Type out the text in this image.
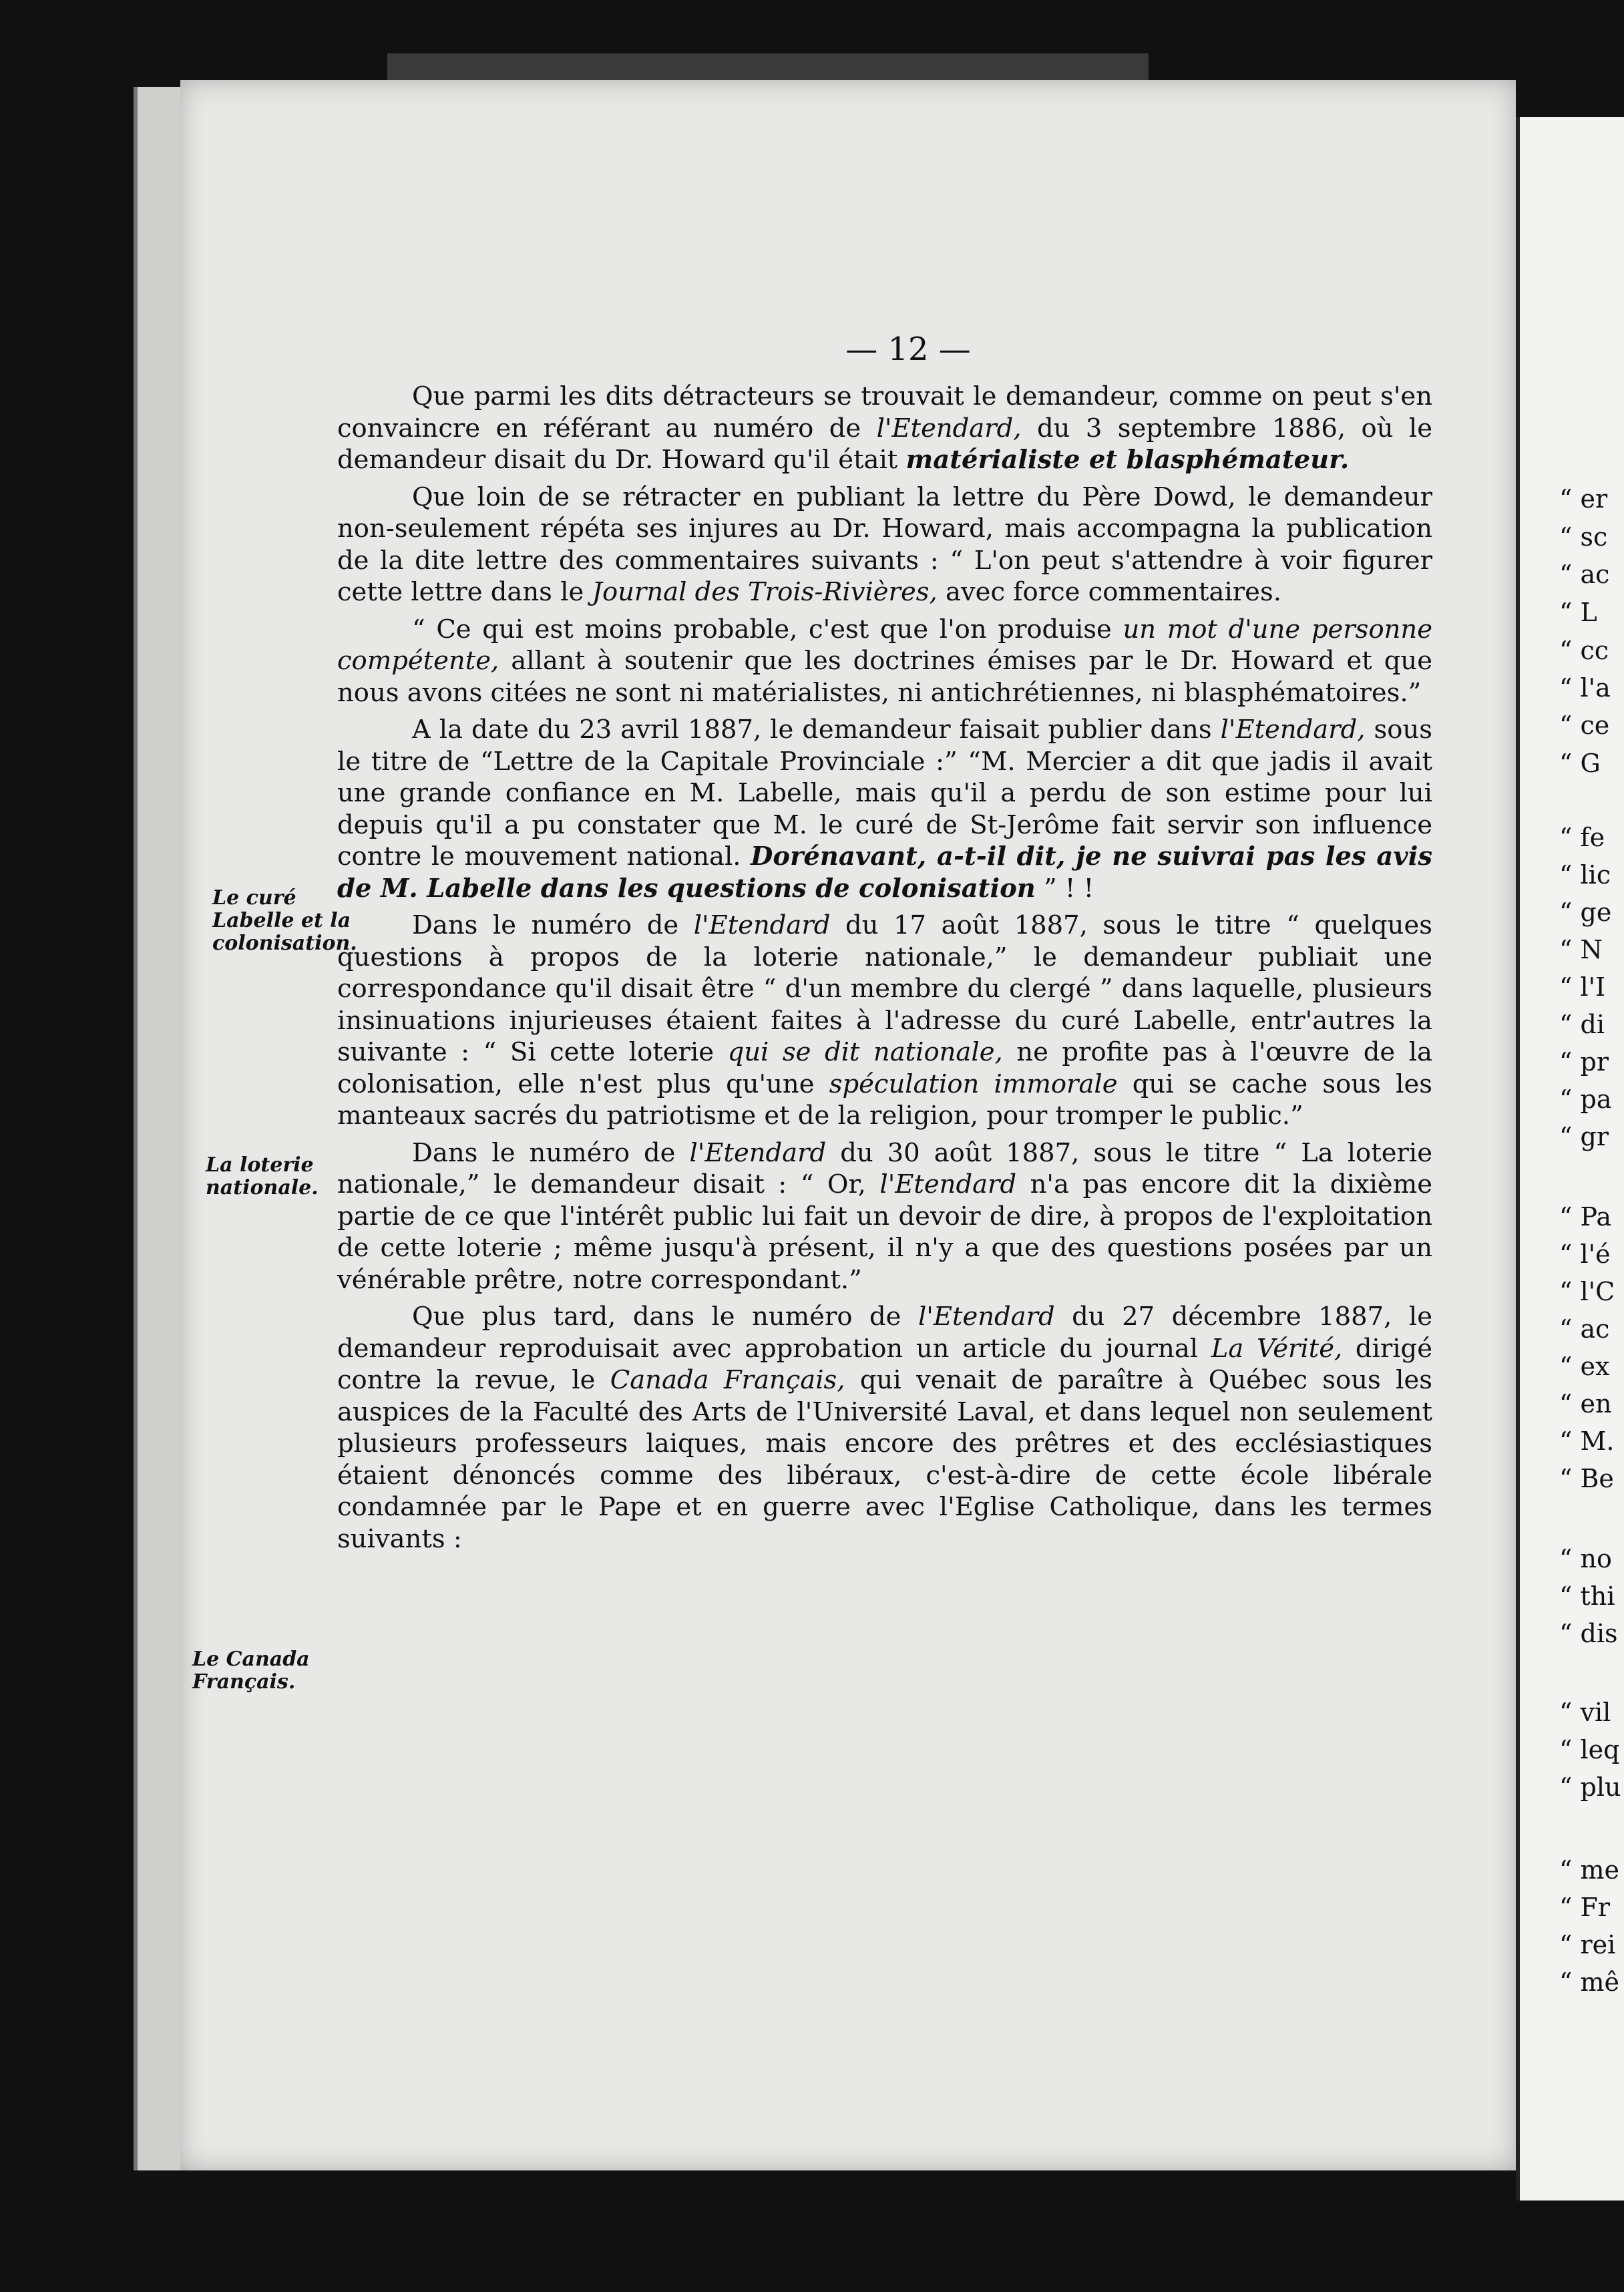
— 12 —
Le curé Labelle et la colonisation.
La loterie nationale.
Le Canada Français.

Que parmi les dits détracteurs se trouvait le demandeur, comme on peut s'en convaincre en référant au numéro de l'Etendard, du 3 septembre 1886, où le demandeur disait du Dr. Howard qu'il était matérialiste et blasphémateur.

Que loin de se rétracter en publiant la lettre du Père Dowd, le demandeur non-seulement répéta ses injures au Dr. Howard, mais accompagna la publication de la dite lettre des commentaires suivants : “ L'on peut s'attendre à voir figurer cette lettre dans le Journal des Trois-Rivières, avec force commentaires.

“ Ce qui est moins probable, c'est que l'on produise un mot d'une personne compétente, allant à soutenir que les doctrines émises par le Dr. Howard et que nous avons citées ne sont ni matérialistes, ni antichrétiennes, ni blasphématoires.”

A la date du 23 avril 1887, le demandeur faisait publier dans l'Etendard, sous le titre de “Lettre de la Capitale Provinciale :” “M. Mercier a dit que jadis il avait une grande confiance en M. Labelle, mais qu'il a perdu de son estime pour lui depuis qu'il a pu constater que M. le curé de St-Jerôme fait servir son influence contre le mouvement national. Dorénavant, a-t-il dit, je ne suivrai pas les avis de M. Labelle dans les questions de colonisation ” ! !

Dans le numéro de l'Etendard du 17 août 1887, sous le titre “ quelques questions à propos de la loterie nationale,” le demandeur publiait une correspondance qu'il disait être “ d'un membre du clergé ” dans laquelle, plusieurs insinuations injurieuses étaient faites à l'adresse du curé Labelle, entr'autres la suivante : “ Si cette loterie qui se dit nationale, ne profite pas à l'œuvre de la colonisation, elle n'est plus qu'une spéculation immorale qui se cache sous les manteaux sacrés du patriotisme et de la religion, pour tromper le public.”

Dans le numéro de l'Etendard du 30 août 1887, sous le titre “ La loterie nationale,” le demandeur disait : “ Or, l'Etendard n'a pas encore dit la dixième partie de ce que l'intérêt public lui fait un devoir de dire, à propos de l'exploitation de cette loterie ; même jusqu'à présent, il n'y a que des questions posées par un vénérable prêtre, notre correspondant.”

Que plus tard, dans le numéro de l'Etendard du 27 décembre 1887, le demandeur reproduisait avec approbation un article du journal La Vérité, dirigé contre la revue, le Canada Français, qui venait de paraître à Québec sous les auspices de la Faculté des Arts de l'Université Laval, et dans lequel non seulement plusieurs professeurs laiques, mais encore des prêtres et des ecclésiastiques étaient dénoncés comme des libéraux, c'est-à-dire de cette école libérale condamnée par le Pape et en guerre avec l'Eglise Catholique, dans les termes suivants :

“ er
“ sc
“ ac
“ L
“ cc
“ l'a
“ ce
“ G
“ fe
“ lic
“ ge
“ N
“ l'I
“ di
“ pr
“ pa
“ gr
“ Pa
“ l'é
“ l'C
“ ac
“ ex
“ en
“ M.
“ Be
“ no
“ thi
“ dis
“ vil
“ leq
“ plu
“ me
“ Fr
“ rei
“ mê
